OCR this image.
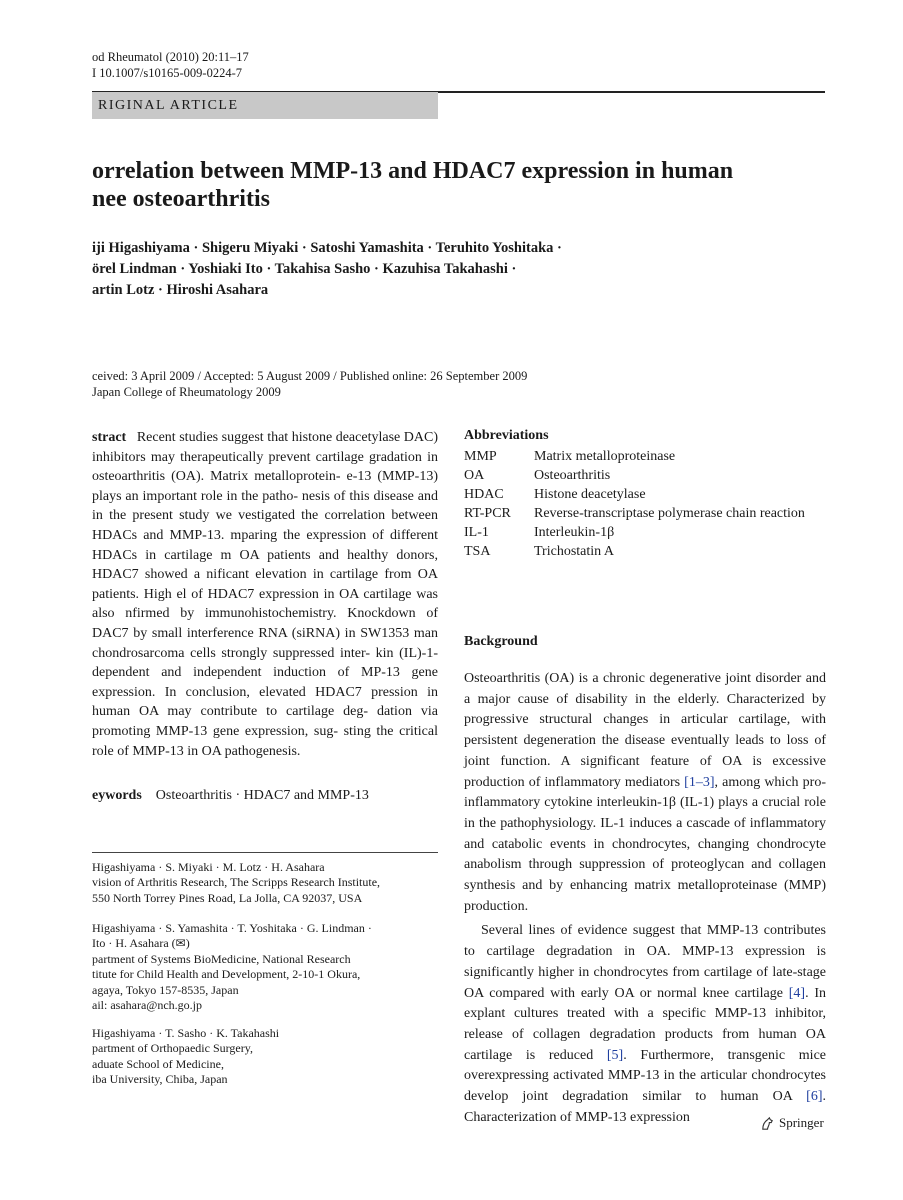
od Rheumatol (2010) 20:11–17
I 10.1007/s10165-009-0224-7
RIGINAL ARTICLE
orrelation between MMP-13 and HDAC7 expression in human
nee osteoarthritis
iji Higashiyama · Shigeru Miyaki · Satoshi Yamashita · Teruhito Yoshitaka ·
örel Lindman · Yoshiaki Ito · Takahisa Sasho · Kazuhisa Takahashi ·
artin Lotz · Hiroshi Asahara
ceived: 3 April 2009 / Accepted: 5 August 2009 / Published online: 26 September 2009
Japan College of Rheumatology 2009
stract Recent studies suggest that histone deacetylase DAC) inhibitors may therapeutically prevent cartilage gradation in osteoarthritis (OA). Matrix metalloprotein- e-13 (MMP-13) plays an important role in the patho- nesis of this disease and in the present study we vestigated the correlation between HDACs and MMP-13. mparing the expression of different HDACs in cartilage m OA patients and healthy donors, HDAC7 showed a nificant elevation in cartilage from OA patients. High el of HDAC7 expression in OA cartilage was also nfirmed by immunohistochemistry. Knockdown of DAC7 by small interference RNA (siRNA) in SW1353 man chondrosarcoma cells strongly suppressed inter- kin (IL)-1-dependent and independent induction of MP-13 gene expression. In conclusion, elevated HDAC7 pression in human OA may contribute to cartilage deg- dation via promoting MMP-13 gene expression, sug- sting the critical role of MMP-13 in OA pathogenesis.
eywords Osteoarthritis · HDAC7 and MMP-13
Higashiyama · S. Miyaki · M. Lotz · H. Asahara
vision of Arthritis Research, The Scripps Research Institute,
550 North Torrey Pines Road, La Jolla, CA 92037, USA
Higashiyama · S. Yamashita · T. Yoshitaka · G. Lindman ·
Ito · H. Asahara (✉)
partment of Systems BioMedicine, National Research
titute for Child Health and Development, 2-10-1 Okura,
agaya, Tokyo 157-8535, Japan
ail: asahara@nch.go.jp
Higashiyama · T. Sasho · K. Takahashi
partment of Orthopaedic Surgery,
aduate School of Medicine,
iba University, Chiba, Japan
Abbreviations
MMP	Matrix metalloproteinase
OA	Osteoarthritis
HDAC	Histone deacetylase
RT-PCR	Reverse-transcriptase polymerase chain reaction
IL-1	Interleukin-1β
TSA	Trichostatin A
Background

Osteoarthritis (OA) is a chronic degenerative joint disorder and a major cause of disability in the elderly. Characterized by progressive structural changes in articular cartilage, with persistent degeneration the disease eventually leads to loss of joint function. A significant feature of OA is excessive production of inflammatory mediators [1–3], among which pro-inflammatory cytokine interleukin-1β (IL-1) plays a crucial role in the pathophysiology. IL-1 induces a cascade of inflammatory and catabolic events in chondrocytes, changing chondrocyte anabolism through suppression of proteoglycan and collagen synthesis and by enhancing matrix metalloproteinase (MMP) production.

Several lines of evidence suggest that MMP-13 contributes to cartilage degradation in OA. MMP-13 expression is significantly higher in chondrocytes from cartilage of late-stage OA compared with early OA or normal knee cartilage [4]. In explant cultures treated with a specific MMP-13 inhibitor, release of collagen degradation products from human OA cartilage is reduced [5]. Furthermore, transgenic mice overexpressing activated MMP-13 in the articular chondrocytes develop joint degradation similar to human OA [6]. Characterization of MMP-13 expression	Springer
